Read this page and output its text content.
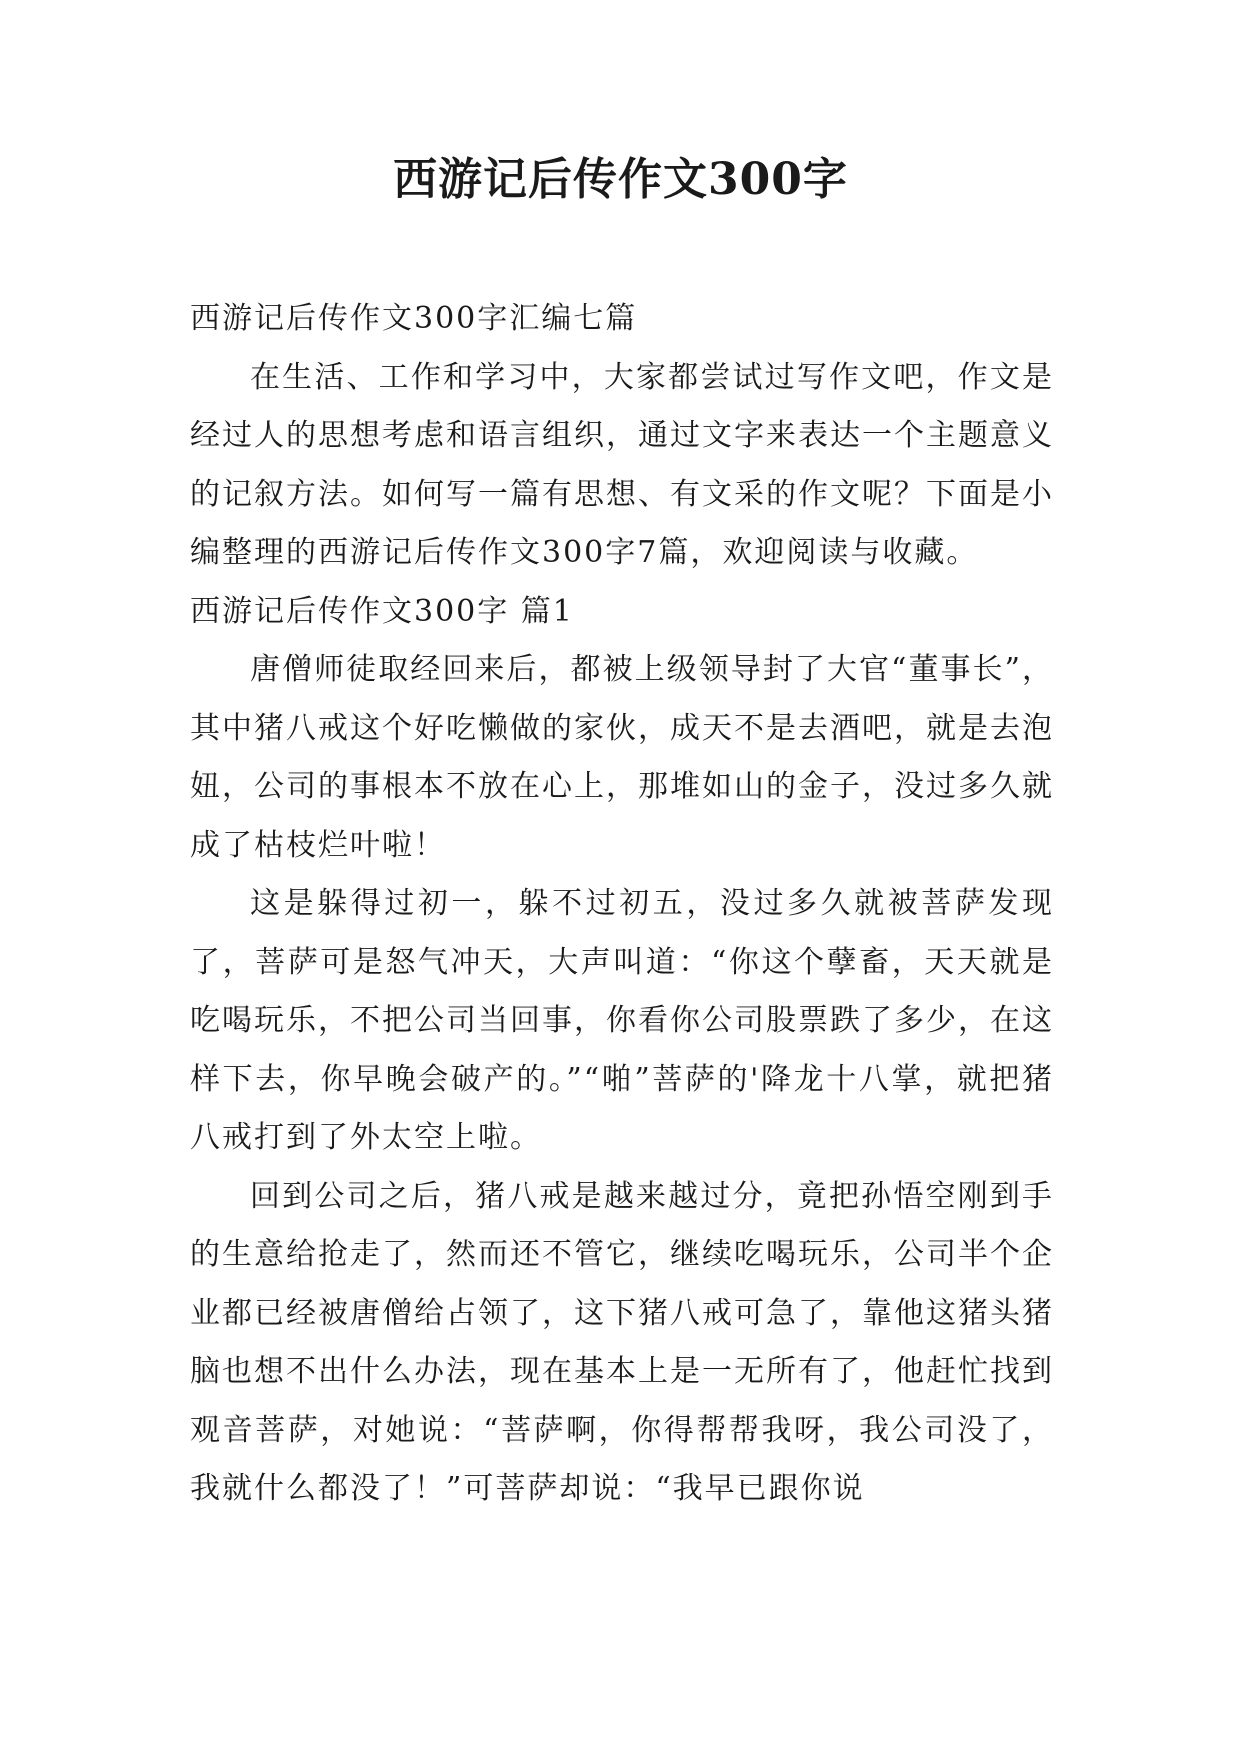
西游记后传作文300字

西游记后传作文300字汇编七篇

在生活、工作和学习中，大家都尝试过写作文吧，作文是经过人的思想考虑和语言组织，通过文字来表达一个主题意义的记叙方法。如何写一篇有思想、有文采的作文呢？下面是小编整理的西游记后传作文300字7篇，欢迎阅读与收藏。

西游记后传作文300字 篇1

唐僧师徒取经回来后，都被上级领导封了大官“董事长”，其中猪八戒这个好吃懒做的家伙，成天不是去酒吧，就是去泡妞，公司的事根本不放在心上，那堆如山的金子，没过多久就成了枯枝烂叶啦！

这是躲得过初一，躲不过初五，没过多久就被菩萨发现了，菩萨可是怒气冲天，大声叫道：“你这个孽畜，天天就是吃喝玩乐，不把公司当回事，你看你公司股票跌了多少，在这样下去，你早晚会破产的。”“啪”菩萨的'降龙十八掌，就把猪八戒打到了外太空上啦。

回到公司之后，猪八戒是越来越过分，竟把孙悟空刚到手的生意给抢走了，然而还不管它，继续吃喝玩乐，公司半个企业都已经被唐僧给占领了，这下猪八戒可急了，靠他这猪头猪脑也想不出什么办法，现在基本上是一无所有了，他赶忙找到观音菩萨，对她说：“菩萨啊，你得帮帮我呀，我公司没了，我就什么都没了！”可菩萨却说：“我早已跟你说
